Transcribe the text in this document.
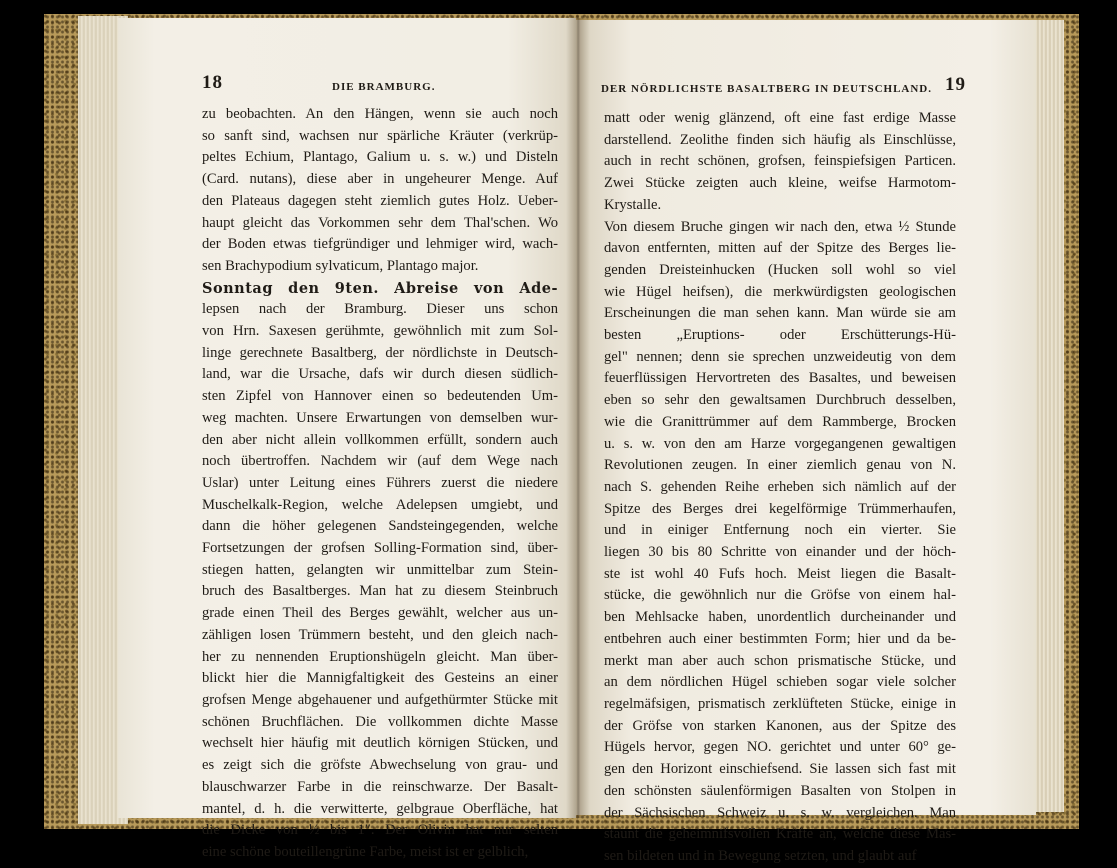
18	DIE BRAMBURG.
zu beobachten. An den Hängen, wenn sie auch noch
so sanft sind, wachsen nur spärliche Kräuter (verkrüp-
peltes Echium, Plantago, Galium u. s. w.) und Disteln
(Card. nutans), diese aber in ungeheurer Menge. Auf
den Plateaus dagegen steht ziemlich gutes Holz. Ueber-
haupt gleicht das Vorkommen sehr dem Thal'schen. Wo
der Boden etwas tiefgründiger und lehmiger wird, wach-
sen Brachypodium sylvaticum, Plantago major.
Sonntag den 9ten. Abreise von Ade-
lepsen nach der Bramburg. Dieser uns schon
von Hrn. Saxesen gerühmte, gewöhnlich mit zum Sol-
linge gerechnete Basaltberg, der nördlichste in Deutsch-
land, war die Ursache, dafs wir durch diesen südlich-
sten Zipfel von Hannover einen so bedeutenden Um-
weg machten. Unsere Erwartungen von demselben wur-
den aber nicht allein vollkommen erfüllt, sondern auch
noch übertroffen. Nachdem wir (auf dem Wege nach
Uslar) unter Leitung eines Führers zuerst die niedere
Muschelkalk-Region, welche Adelepsen umgiebt, und
dann die höher gelegenen Sandsteingegenden, welche
Fortsetzungen der grofsen Solling-Formation sind, über-
stiegen hatten, gelangten wir unmittelbar zum Stein-
bruch des Basaltberges. Man hat zu diesem Steinbruch
grade einen Theil des Berges gewählt, welcher aus un-
zähligen losen Trümmern besteht, und den gleich nach-
her zu nennenden Eruptionshügeln gleicht. Man über-
blickt hier die Mannigfaltigkeit des Gesteins an einer
grofsen Menge abgehauener und aufgethürmter Stücke mit
schönen Bruchflächen. Die vollkommen dichte Masse
wechselt hier häufig mit deutlich körnigen Stücken, und
es zeigt sich die gröfste Abwechselung von grau- und
blauschwarzer Farbe in die reinschwarze. Der Basalt-
mantel, d. h. die verwitterte, gelbgraue Oberfläche, hat
die Dicke von ½ bis 1″. Der Olivin hat nur selten
eine schöne bouteillengrüne Farbe, meist ist er gelblich,
DER NÖRDLICHSTE BASALTBERG IN DEUTSCHLAND. 19
matt oder wenig glänzend, oft eine fast erdige Masse
darstellend. Zeolithe finden sich häufig als Einschlüsse,
auch in recht schönen, grofsen, feinspiefsigen Particen.
Zwei Stücke zeigten auch kleine, weifse Harmotom-
Krystalle.
Von diesem Bruche gingen wir nach den, etwa ½ Stunde
davon entfernten, mitten auf der Spitze des Berges lie-
genden Dreisteinhucken (Hucken soll wohl so viel
wie Hügel heifsen), die merkwürdigsten geologischen
Erscheinungen die man sehen kann. Man würde sie am
besten „Eruptions- oder Erschütterungs-Hü-
gel" nennen; denn sie sprechen unzweideutig von dem
feuerflüssigen Hervortreten des Basaltes, und beweisen
eben so sehr den gewaltsamen Durchbruch desselben,
wie die Granittrümmer auf dem Rammberge, Brocken
u. s. w. von den am Harze vorgegangenen gewaltigen
Revolutionen zeugen. In einer ziemlich genau von N.
nach S. gehenden Reihe erheben sich nämlich auf der
Spitze des Berges drei kegelförmige Trümmerhaufen,
und in einiger Entfernung noch ein vierter. Sie
liegen 30 bis 80 Schritte von einander und der höch-
ste ist wohl 40 Fufs hoch. Meist liegen die Basalt-
stücke, die gewöhnlich nur die Gröfse von einem hal-
ben Mehlsacke haben, unordentlich durcheinander und
entbehren auch einer bestimmten Form; hier und da be-
merkt man aber auch schon prismatische Stücke, und
an dem nördlichen Hügel schieben sogar viele solcher
regelmäfsigen, prismatisch zerklüfteten Stücke, einige in
der Gröfse von starken Kanonen, aus der Spitze des
Hügels hervor, gegen NO. gerichtet und unter 60° ge-
gen den Horizont einschiefsend. Sie lassen sich fast mit
den schönsten säulenförmigen Basalten von Stolpen in
der Sächsischen Schweiz u. s. w. vergleichen. Man
staunt die geheimnifsvollen Kräfte an, welche diese Mas-
sen bildeten und in Bewegung setzten, und glaubt auf
